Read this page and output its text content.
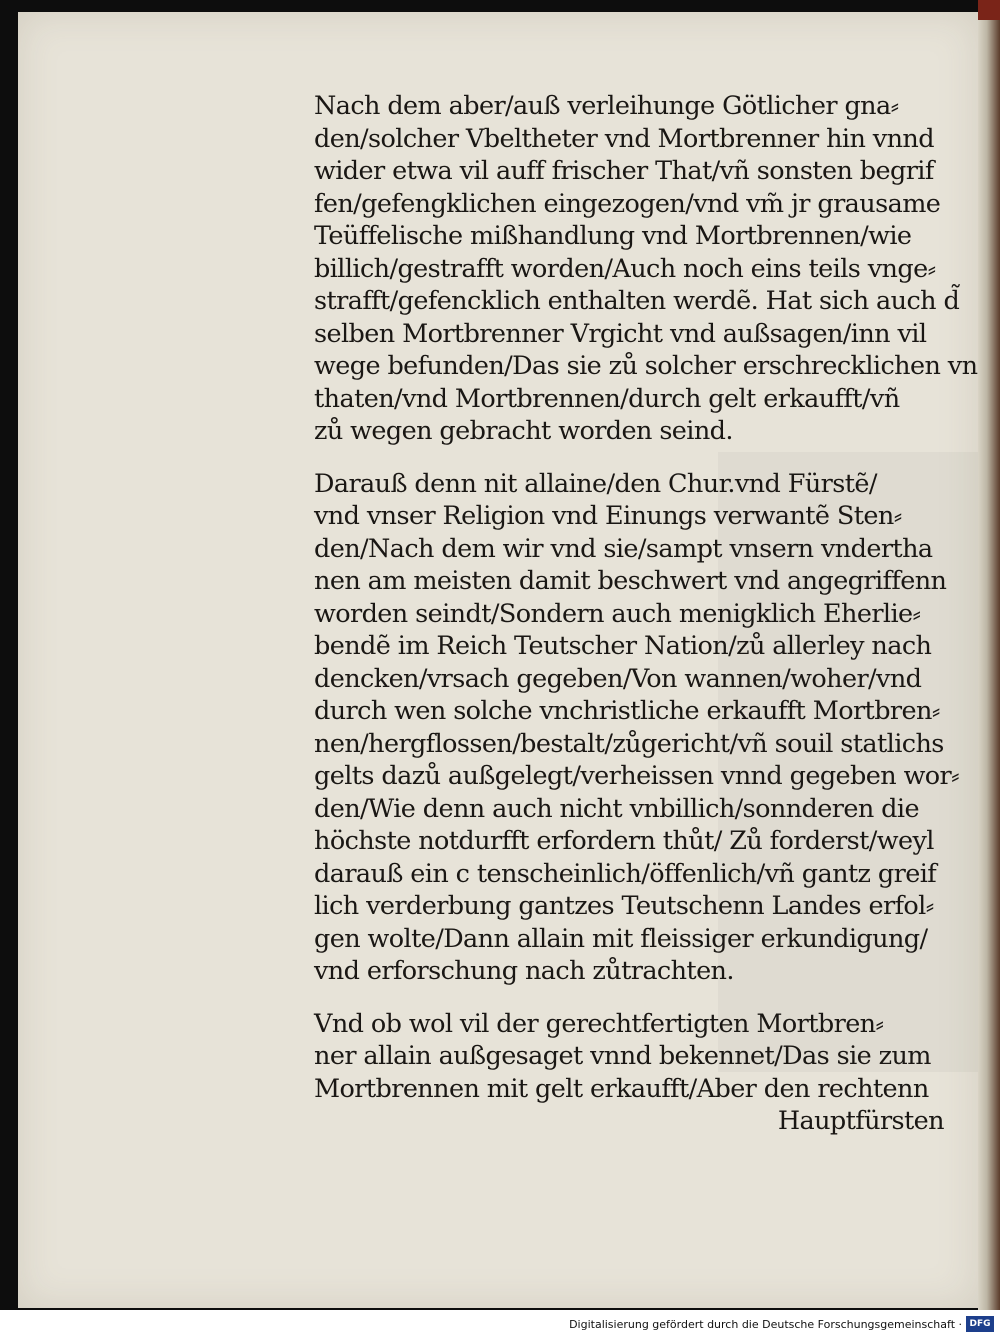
Nach dem aber/auß verleihunge Götlicher gna⸗
den/solcher Vbeltheter vnd Mortbrenner hin vnnd
wider etwa vil auff frischer That/vñ sonsten begrif
fen/gefengklichen eingezogen/vnd vm̃ jr grausame
Teüffelische mißhandlung vnd Mortbrennen/wie
billich/gestrafft worden/Auch noch eins teils vnge⸗
strafft/gefencklich enthalten werdẽ. Hat sich auch d̃
selben Mortbrenner Vrgicht vnd außsagen/inn vil
wege befunden/Das sie zů solcher erschrecklichen vn
thaten/vnd Mortbrennen/durch gelt erkaufft/vñ
zů wegen gebracht worden seind.
Darauß denn nit allaine/den Chur.vnd Fürstẽ/
vnd vnser Religion vnd Einungs verwantẽ Sten⸗
den/Nach dem wir vnd sie/sampt vnsern vndertha
nen am meisten damit beschwert vnd angegriffenn
worden seindt/Sondern auch menigklich Eherlie⸗
bendẽ im Reich Teutscher Nation/zů allerley nach
dencken/vrsach gegeben/Von wannen/woher/vnd
durch wen solche vnchristliche erkaufft Mortbren⸗
nen/hergflossen/bestalt/zůgericht/vñ souil statlichs
gelts dazů außgelegt/verheissen vnnd gegeben wor⸗
den/Wie denn auch nicht vnbillich/sonnderen die
höchste notdurfft erfordern thůt/ Zů forderst/weyl
darauß ein c tenscheinlich/öffenlich/vñ gantz greif
lich verderbung gantzes Teutschenn Landes erfol⸗
gen wolte/Dann allain mit fleissiger erkundigung/
vnd erforschung nach zůtrachten.
Vnd ob wol vil der gerechtfertigten Mortbren⸗
ner allain außgesaget vnnd bekennet/Das sie zum
Mortbrennen mit gelt erkaufft/Aber den rechtenn
Hauptfürsten
Digitalisierung gefördert durch die Deutsche Forschungsgemeinschaft · DFG
